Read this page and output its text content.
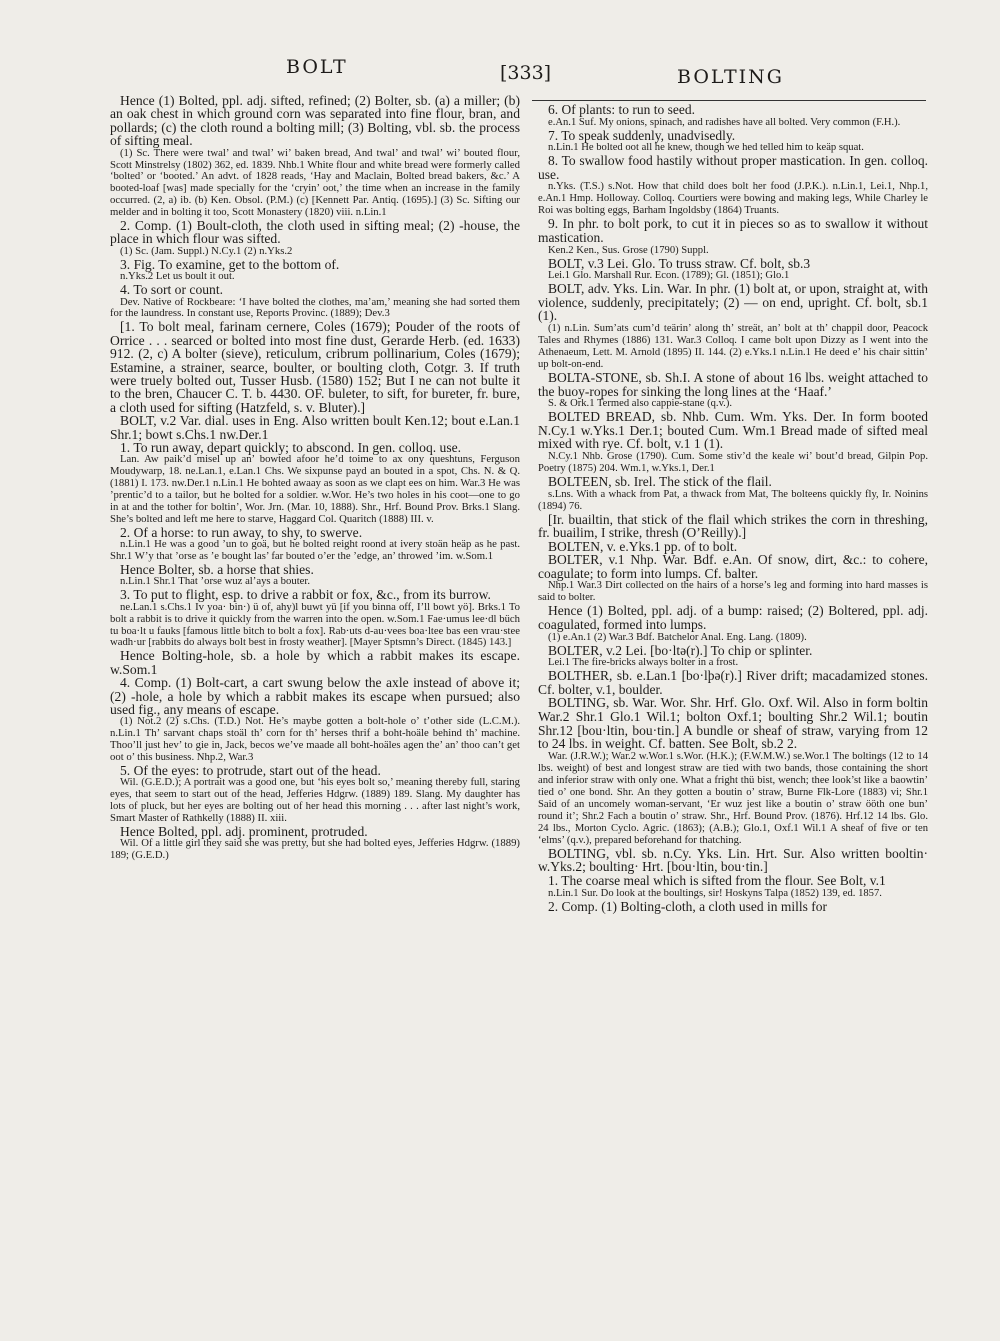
BOLT	[333]	BOLTING

Hence (1) Bolted, ppl. adj. sifted, refined; (2) Bolter, sb. (a) a miller; (b) an oak chest in which ground corn was separated into fine flour, bran, and pollards; (c) the cloth round a bolting mill; (3) Bolting, vbl. sb. the process of sifting meal.

(1) Sc. There were twal’ and twal’ wi’ baken bread, And twal’ and twal’ wi’ bouted flour, Scott Minstrelsy (1802) 362, ed. 1839. Nhb.1 White flour and white bread were formerly called ‘bolted’ or ‘booted.’ An advt. of 1828 reads, ‘Hay and Maclain, Bolted bread bakers, &c.’ A booted-loaf [was] made specially for the ‘cryin’ oot,’ the time when an increase in the family occurred. (2, a) ib. (b) Ken. Obsol. (P.M.) (c) [Kennett Par. Antiq. (1695).] (3) Sc. Sifting our melder and in bolting it too, Scott Monastery (1820) viii. n.Lin.1

2. Comp. (1) Boult-cloth, the cloth used in sifting meal; (2) -house, the place in which flour was sifted.

(1) Sc. (Jam. Suppl.) N.Cy.1 (2) n.Yks.2

3. Fig. To examine, get to the bottom of.

n.Yks.2 Let us boult it out.

4. To sort or count.

Dev. Native of Rockbeare: ‘I have bolted the clothes, ma’am,’ meaning she had sorted them for the laundress. In constant use, Reports Provinc. (1889); Dev.3

[1. To bolt meal, farinam cernere, Coles (1679); Pouder of the roots of Orrice . . . searced or bolted into most fine dust, Gerarde Herb. (ed. 1633) 912. (2, c) A bolter (sieve), reticulum, cribrum pollinarium, Coles (1679); Estamine, a strainer, searce, boulter, or boulting cloth, Cotgr. 3. If truth were truely bolted out, Tusser Husb. (1580) 152; But I ne can not bulte it to the bren, Chaucer C. T. b. 4430. OF. buleter, to sift, for bureter, fr. bure, a cloth used for sifting (Hatzfeld, s. v. Bluter).]

BOLT, v.2 Var. dial. uses in Eng. Also written boult Ken.12; bout e.Lan.1 Shr.1; bowt s.Chs.1 nw.Der.1

1. To run away, depart quickly; to abscond. In gen. colloq. use.

Lan. Aw paik’d misel up an’ bowted afoor he’d toime to ax ony queshtuns, Ferguson Moudywarp, 18. ne.Lan.1, e.Lan.1 Chs. We sixpunse payd an bouted in a spot, Chs. N. & Q. (1881) I. 173. nw.Der.1 n.Lin.1 He bohted awaay as soon as we clapt ees on him. War.3 He was ’prentic’d to a tailor, but he bolted for a soldier. w.Wor. He’s two holes in his coot—one to go in at and the tother for boltin’, Wor. Jrn. (Mar. 10, 1888). Shr., Hrf. Bound Prov. Brks.1 Slang. She’s bolted and left me here to starve, Haggard Col. Quaritch (1888) III. v.

2. Of a horse: to run away, to shy, to swerve.

n.Lin.1 He was a good ’un to goä, but he bolted reight roond at ivery stoän heäp as he past. Shr.1 W’y that ’orse as ’e bought las’ far bouted o’er the ’edge, an’ throwed ’im. w.Som.1

Hence Bolter, sb. a horse that shies.

n.Lin.1 Shr.1 That ’orse wuz al’ays a bouter.

3. To put to flight, esp. to drive a rabbit or fox, &c., from its burrow.

ne.Lan.1 s.Chs.1 Iv yoa· bin·) ü of, ahy)l buwt yü [if you binna off, I’ll bowt yö]. Brks.1 To bolt a rabbit is to drive it quickly from the warren into the open. w.Som.1 Fae·umus lee·dl büch tu boa·lt u fauks [famous little bitch to bolt a fox]. Rab·uts d-au·vees boa·ltee bas een vrau·stee wadh·ur [rabbits do always bolt best in frosty weather]. [Mayer Sptsmn’s Direct. (1845) 143.]

Hence Bolting-hole, sb. a hole by which a rabbit makes its escape. w.Som.1

4. Comp. (1) Bolt-cart, a cart swung below the axle instead of above it; (2) -hole, a hole by which a rabbit makes its escape when pursued; also used fig., any means of escape.

(1) Not.2 (2) s.Chs. (T.D.) Not. He’s maybe gotten a bolt-hole o’ t’other side (L.C.M.). n.Lin.1 Th’ sarvant chaps stoäl th’ corn for th’ herses thrif a boht-hoäle behind th’ machine. Thoo’ll just hev’ to gie in, Jack, becos we’ve maade all boht-hoäles agen the’ an’ thoo can’t get oot o’ this business. Nhp.2, War.3

5. Of the eyes: to protrude, start out of the head.

Wil. (G.E.D.); A portrait was a good one, but ‘his eyes bolt so,’ meaning thereby full, staring eyes, that seem to start out of the head, Jefferies Hdgrw. (1889) 189. Slang. My daughter has lots of pluck, but her eyes are bolting out of her head this morning . . . after last night’s work, Smart Master of Rathkelly (1888) II. xiii.

Hence Bolted, ppl. adj. prominent, protruded.

Wil. Of a little girl they said she was pretty, but she had bolted eyes, Jefferies Hdgrw. (1889) 189; (G.E.D.)

6. Of plants: to run to seed.

e.An.1 Suf. My onions, spinach, and radishes have all bolted. Very common (F.H.).

7. To speak suddenly, unadvisedly.

n.Lin.1 He bolted oot all he knew, though we hed telled him to keäp squat.

8. To swallow food hastily without proper mastication. In gen. colloq. use.

n.Yks. (T.S.) s.Not. How that child does bolt her food (J.P.K.). n.Lin.1, Lei.1, Nhp.1, e.An.1 Hmp. Holloway. Colloq. Courtiers were bowing and making legs, While Charley le Roi was bolting eggs, Barham Ingoldsby (1864) Truants.

9. In phr. to bolt pork, to cut it in pieces so as to swallow it without mastication.

Ken.2 Ken., Sus. Grose (1790) Suppl.

BOLT, v.3 Lei. Glo. To truss straw. Cf. bolt, sb.3

Lei.1 Glo. Marshall Rur. Econ. (1789); Gl. (1851); Glo.1

BOLT, adv. Yks. Lin. War. In phr. (1) bolt at, or upon, straight at, with violence, suddenly, precipitately; (2) — on end, upright. Cf. bolt, sb.1 (1).

(1) n.Lin. Sum’ats cum’d teärin’ along th’ streät, an’ bolt at th’ chappil door, Peacock Tales and Rhymes (1886) 131. War.3 Colloq. I came bolt upon Dizzy as I went into the Athenaeum, Lett. M. Arnold (1895) II. 144. (2) e.Yks.1 n.Lin.1 He deed e’ his chair sittin’ up bolt-on-end.

BOLTA-STONE, sb. Sh.I. A stone of about 16 lbs. weight attached to the buoy-ropes for sinking the long lines at the ‘Haaf.’

S. & Ork.1 Termed also cappie-stane (q.v.).

BOLTED BREAD, sb. Nhb. Cum. Wm. Yks. Der. In form booted N.Cy.1 w.Yks.1 Der.1; bouted Cum. Wm.1 Bread made of sifted meal mixed with rye. Cf. bolt, v.1 1 (1).

N.Cy.1 Nhb. Grose (1790). Cum. Some stiv’d the keale wi’ bout’d bread, Gilpin Pop. Poetry (1875) 204. Wm.1, w.Yks.1, Der.1

BOLTEEN, sb. Irel. The stick of the flail.

s.Lns. With a whack from Pat, a thwack from Mat, The bolteens quickly fly, Ir. Noinins (1894) 76.

[Ir. buailtin, that stick of the flail which strikes the corn in threshing, fr. buailim, I strike, thresh (O’Reilly).]

BOLTEN, v. e.Yks.1 pp. of to bolt.

BOLTER, v.1 Nhp. War. Bdf. e.An. Of snow, dirt, &c.: to cohere, coagulate; to form into lumps. Cf. balter.

Nhp.1 War.3 Dirt collected on the hairs of a horse’s leg and forming into hard masses is said to bolter.

Hence (1) Bolted, ppl. adj. of a bump: raised; (2) Boltered, ppl. adj. coagulated, formed into lumps.

(1) e.An.1 (2) War.3 Bdf. Batchelor Anal. Eng. Lang. (1809).

BOLTER, v.2 Lei. [bo·ltə(r).] To chip or splinter.

Lei.1 The fire-bricks always bolter in a frost.

BOLTHER, sb. e.Lan.1 [bo·lþə(r).] River drift; macadamized stones. Cf. bolter, v.1, boulder.

BOLTING, sb. War. Wor. Shr. Hrf. Glo. Oxf. Wil. Also in form boltin War.2 Shr.1 Glo.1 Wil.1; bolton Oxf.1; boulting Shr.2 Wil.1; boutin Shr.12 [bou·ltin, bou·tin.] A bundle or sheaf of straw, varying from 12 to 24 lbs. in weight. Cf. batten. See Bolt, sb.2 2.

War. (J.R.W.); War.2 w.Wor.1 s.Wor. (H.K.); (F.W.M.W.) se.Wor.1 The boltings (12 to 14 lbs. weight) of best and longest straw are tied with two bands, those containing the short and inferior straw with only one. What a fright thü bist, wench; thee look’st like a baowtin’ tied o’ one bond. Shr. An they gotten a boutin o’ straw, Burne Flk-Lore (1883) vi; Shr.1 Said of an uncomely woman-servant, ‘Er wuz jest like a boutin o’ straw ööth one bun’ round it’; Shr.2 Fach a boutin o’ straw. Shr., Hrf. Bound Prov. (1876). Hrf.12 14 lbs. Glo. 24 lbs., Morton Cyclo. Agric. (1863); (A.B.); Glo.1, Oxf.1 Wil.1 A sheaf of five or ten ‘elms’ (q.v.), prepared beforehand for thatching.

BOLTING, vbl. sb. n.Cy. Yks. Lin. Hrt. Sur. Also written booltin· w.Yks.2; boulting· Hrt. [bou·ltin, bou·tin.]

1. The coarse meal which is sifted from the flour. See Bolt, v.1

n.Lin.1 Sur. Do look at the boultings, sir! Hoskyns Talpa (1852) 139, ed. 1857.

2. Comp. (1) Bolting-cloth, a cloth used in mills for
